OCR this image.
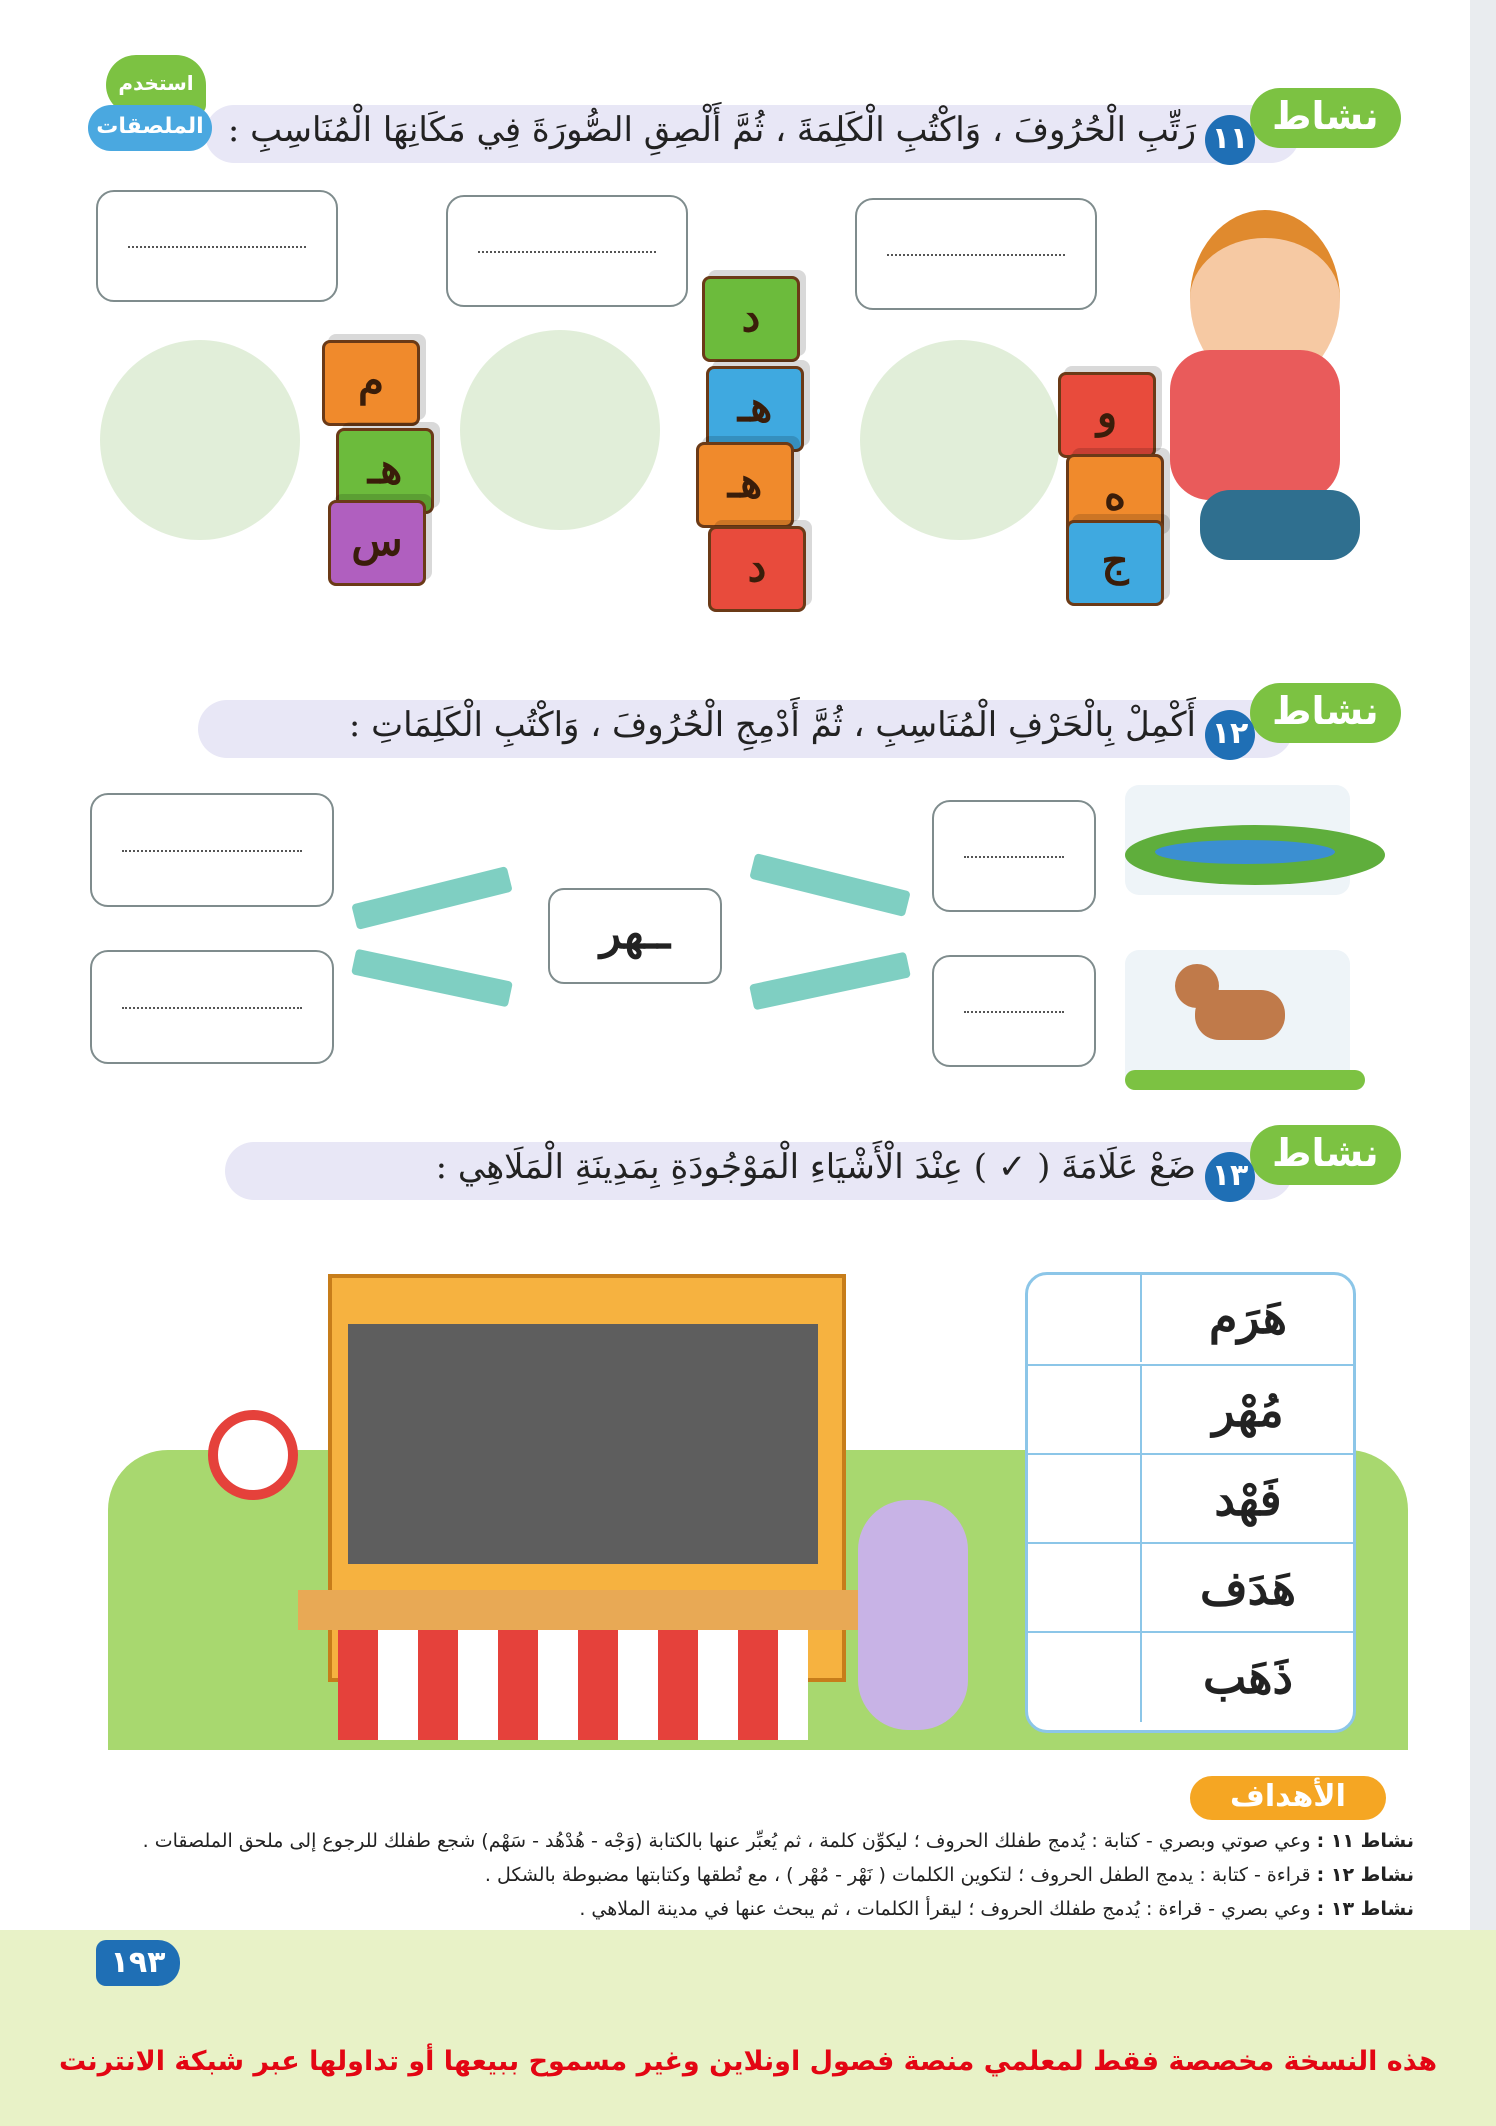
نشاط
١١
رَتِّبِ الْحُرُوفَ ، وَاكْتُبِ الْكَلِمَةَ ، ثُمَّ أَلْصِقِ الصُّورَةَ فِي مَكَانِهَا الْمُنَاسِبِ :
استخدم
الملصقات
م
هـ
س
د
هـ
هـ
د
و
ه
ج
نشاط
١٢
أَكْمِلْ بِالْحَرْفِ الْمُنَاسِبِ ، ثُمَّ أَدْمِجِ الْحُرُوفَ ، وَاكْتُبِ الْكَلِمَاتِ :
ــهر
نشاط
١٣
ضَعْ عَلَامَةَ ( ✓ ) عِنْدَ الْأَشْيَاءِ الْمَوْجُودَةِ بِمَدِينَةِ الْمَلَاهِي :
هَرَم
مُهْر
فَهْد
هَدَف
ذَهَب
الأهداف
نشاط ١١ : وعي صوتي وبصري - كتابة : يُدمج طفلك الحروف ؛ ليكوِّن كلمة ، ثم يُعبِّر عنها بالكتابة (وَجْه - هُدْهُد - سَهْم) شجع طفلك للرجوع إلى ملحق الملصقات .
نشاط ١٢ : قراءة - كتابة : يدمج الطفل الحروف ؛ لتكوين الكلمات ( نَهْر - مُهْر ) ، مع نُطقها وكتابتها مضبوطة بالشكل .
نشاط ١٣ : وعي بصري - قراءة : يُدمج طفلك الحروف ؛ ليقرأ الكلمات ، ثم يبحث عنها في مدينة الملاهي .
١٩٣
هذه النسخة مخصصة فقط لمعلمي منصة فصول اونلاين وغير مسموح ببيعها أو تداولها عبر شبكة الانترنت
